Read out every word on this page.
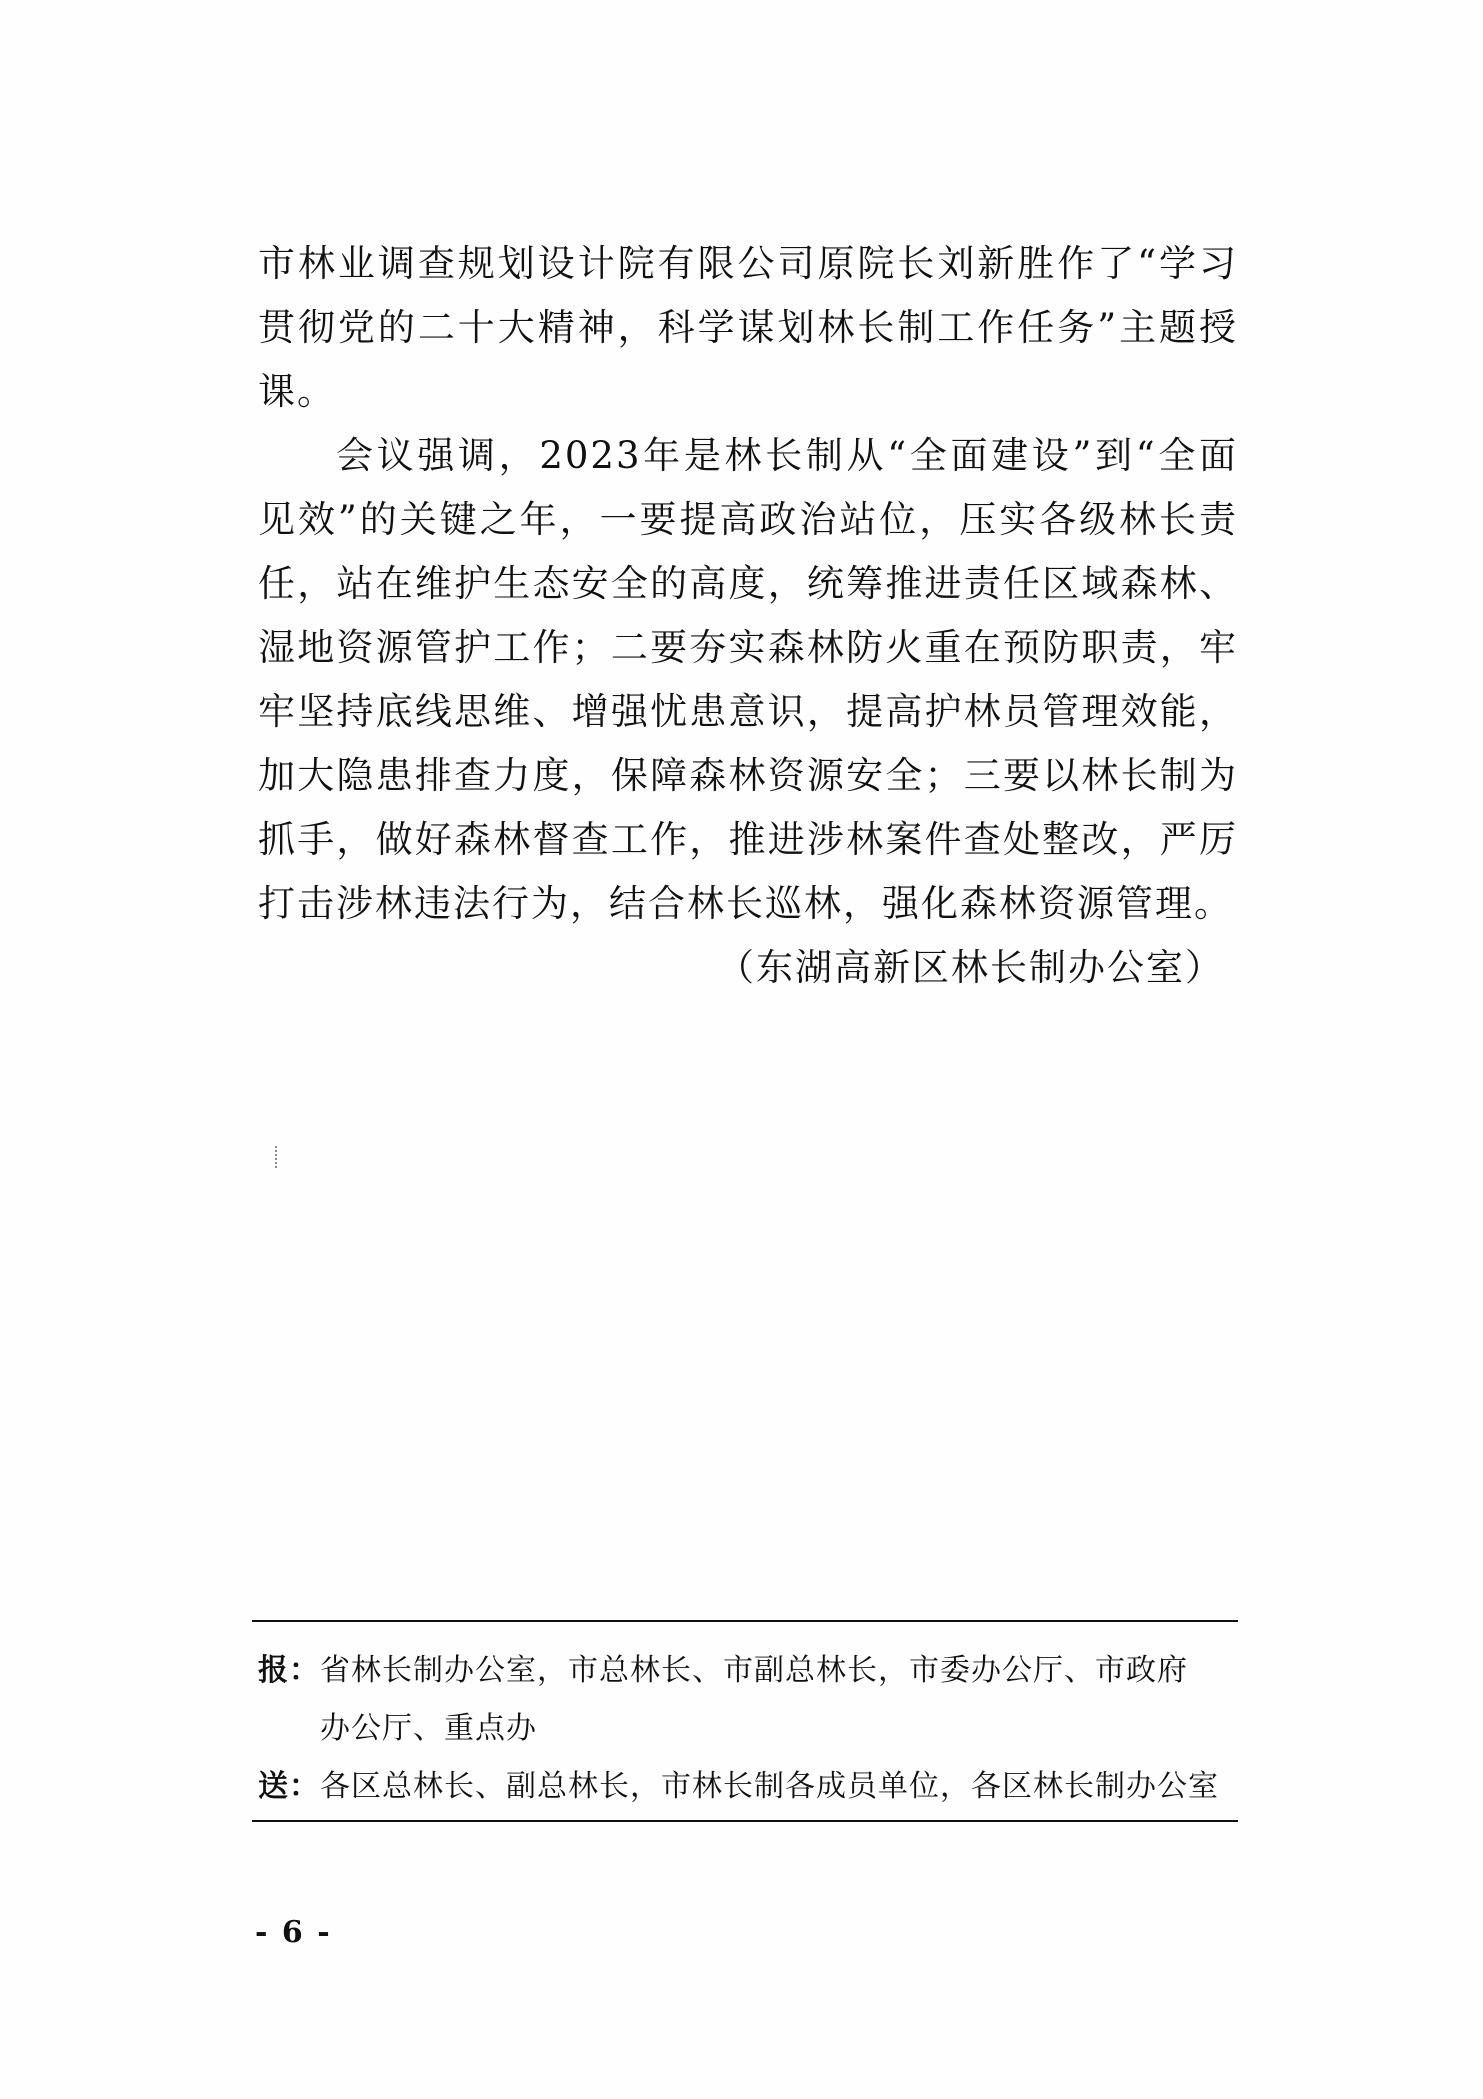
市林业调查规划设计院有限公司原院长刘新胜作了“学习贯彻党的二十大精神，科学谋划林长制工作任务”主题授课。

会议强调，2023年是林长制从“全面建设”到“全面见效”的关键之年，一要提高政治站位，压实各级林长责任，站在维护生态安全的高度，统筹推进责任区域森林、湿地资源管护工作；二要夯实森林防火重在预防职责，牢牢坚持底线思维、增强忧患意识，提高护林员管理效能，加大隐患排查力度，保障森林资源安全；三要以林长制为抓手，做好森林督查工作，推进涉林案件查处整改，严厉打击涉林违法行为，结合林长巡林，强化森林资源管理。

（东湖高新区林长制办公室）

报：省林长制办公室，市总林长、市副总林长，市委办公厅、市政府

办公厅、重点办

送：各区总林长、副总林长，市林长制各成员单位，各区林长制办公室

- 6 -
